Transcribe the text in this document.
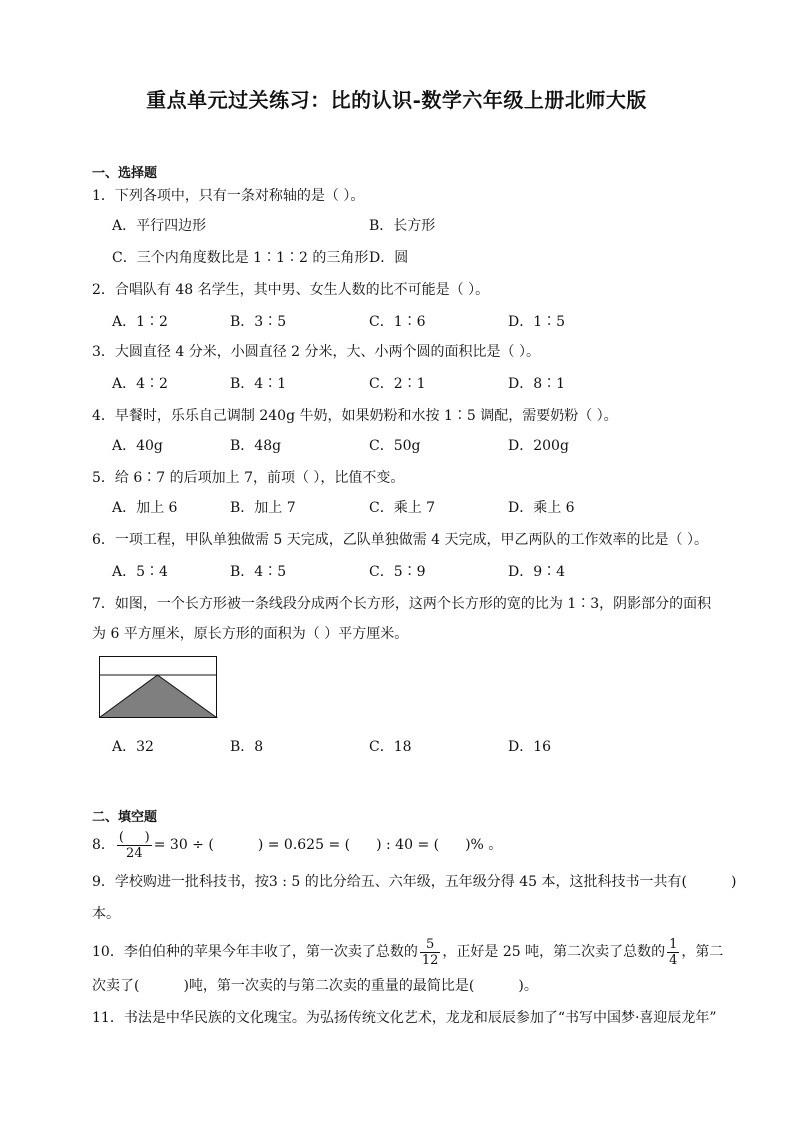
重点单元过关练习：比的认识-数学六年级上册北师大版
一、选择题
1．下列各项中，只有一条对称轴的是（ ）。
A．平行四边形	B．长方形
C．三个内角度数比是 1∶1∶2 的三角形 D．圆
2．合唱队有 48 名学生，其中男、女生人数的比不可能是（ ）。
A．1∶2	B．3∶5	C．1∶6	D．1∶5
3．大圆直径 4 分米，小圆直径 2 分米，大、小两个圆的面积比是（ ）。
A．4∶2	B．4∶1	C．2∶1	D．8∶1
4．早餐时，乐乐自己调制 240g 牛奶，如果奶粉和水按 1∶5 调配，需要奶粉（ ）。
A．40g	B．48g	C．50g	D．200g
5．给 6∶7 的后项加上 7，前项（ ），比值不变。
A．加上 6	B．加上 7	C．乘上 7	D．乘上 6
6．一项工程，甲队单独做需 5 天完成，乙队单独做需 4 天完成，甲乙两队的工作效率的比是（ ）。
A．5∶4	B．4∶5	C．5∶9	D．9∶4
7．如图，一个长方形被一条线段分成两个长方形，这两个长方形的宽的比为 1∶3，阴影部分的面积
为 6 平方厘米，原长方形的面积为（ ）平方厘米。
A．32	B．8	C．18	D．16
二、填空题
8． $\frac{( )}{24} = 30$ ÷ (	) = 0.625 = ( ) : 40 = ( )% 。
9．学校购进一批科技书，按3 : 5 的比分给五、六年级，五年级分得 45 本，这批科技书一共有(	)
本。
10．李伯伯种的苹果今年丰收了，第一次卖了总数的 $\frac{5}{12}$ ，正好是 25 吨，第二次卖了总数的 $\frac{1}{4}$ ，第二
次卖了(	)吨，第一次卖的与第二次卖的重量的最简比是(	)。
11．书法是中华民族的文化瑰宝。为弘扬传统文化艺术，龙龙和辰辰参加了“书写中国梦·喜迎辰龙年”
